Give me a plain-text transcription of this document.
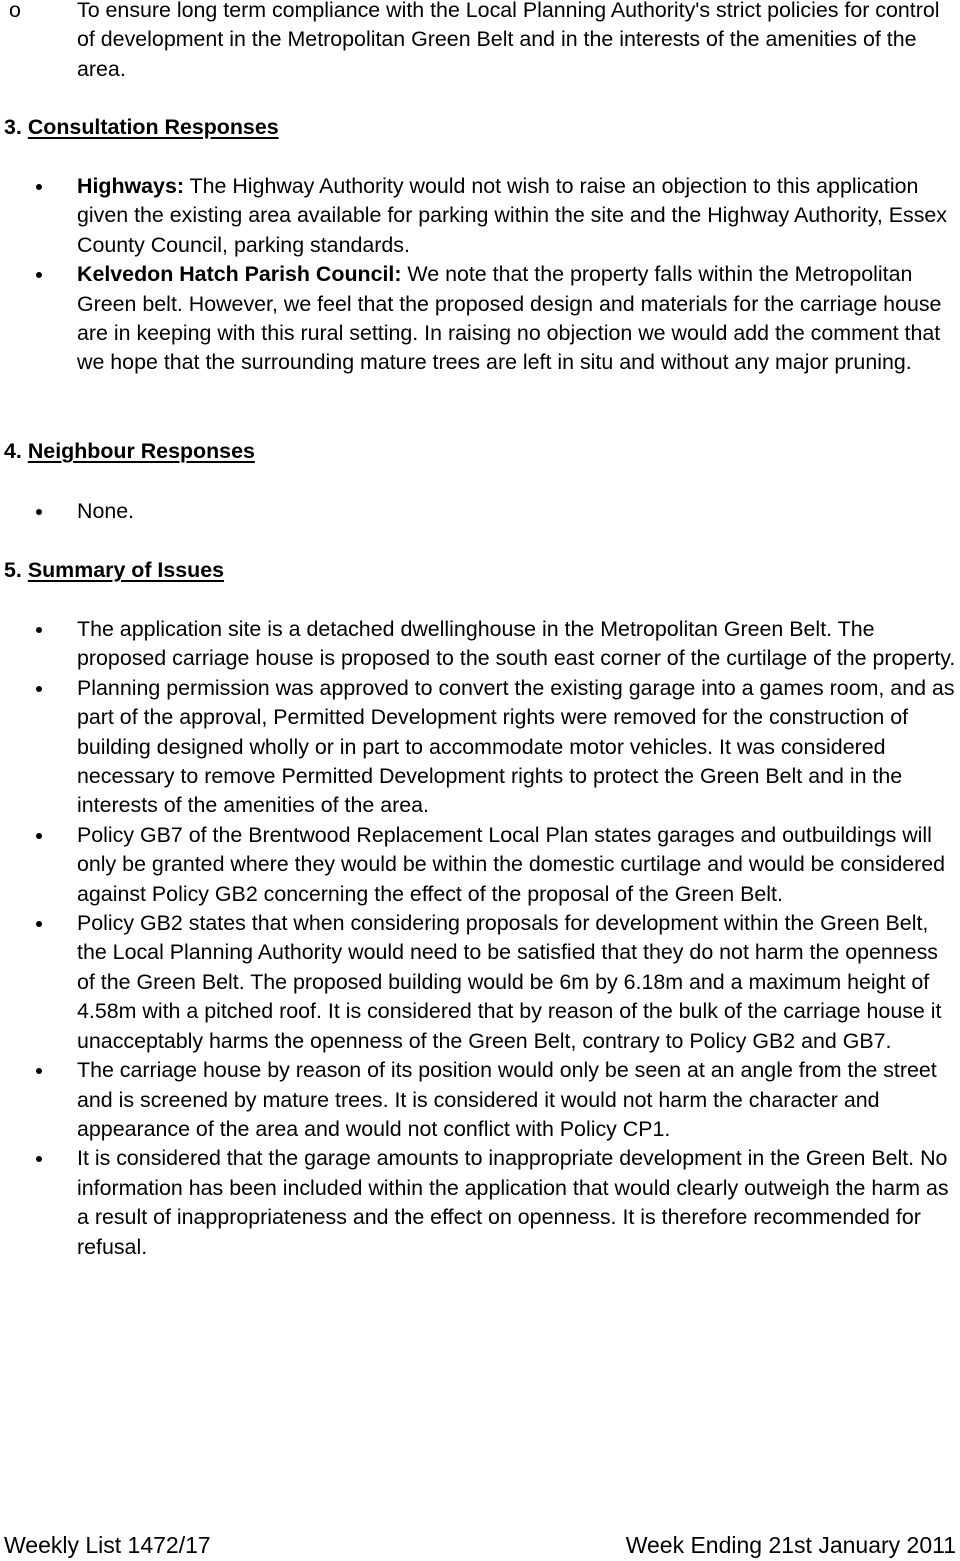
o	To ensure long term compliance with the Local Planning Authority's strict policies for control of development in the Metropolitan Green Belt and in the interests of the amenities of the area.
3. Consultation Responses
Highways: The Highway Authority would not wish to raise an objection to this application given the existing area available for parking within the site and the Highway Authority, Essex County Council, parking standards.
Kelvedon Hatch Parish Council: We note that the property falls within the Metropolitan Green belt. However, we feel that the proposed design and materials for the carriage house are in keeping with this rural setting. In raising no objection we would add the comment that we hope that the surrounding mature trees are left in situ and without any major pruning.
4. Neighbour Responses
None.
5. Summary of Issues
The application site is a detached dwellinghouse in the Metropolitan Green Belt. The proposed carriage house is proposed to the south east corner of the curtilage of the property.
Planning permission was approved to convert the existing garage into a games room, and as part of the approval, Permitted Development rights were removed for the construction of building designed wholly or in part to accommodate motor vehicles. It was considered necessary to remove Permitted Development rights to protect the Green Belt and in the interests of the amenities of the area.
Policy GB7 of the Brentwood Replacement Local Plan states garages and outbuildings will only be granted where they would be within the domestic curtilage and would be considered against Policy GB2 concerning the effect of the proposal of the Green Belt.
Policy GB2 states that when considering proposals for development within the Green Belt, the Local Planning Authority would need to be satisfied that they do not harm the openness of the Green Belt. The proposed building would be 6m by 6.18m and a maximum height of 4.58m with a pitched roof. It is considered that by reason of the bulk of the carriage house it unacceptably harms the openness of the Green Belt, contrary to Policy GB2 and GB7.
The carriage house by reason of its position would only be seen at an angle from the street and is screened by mature trees. It is considered it would not harm the character and appearance of the area and would not conflict with Policy CP1.
It is considered that the garage amounts to inappropriate development in the Green Belt. No information has been included within the application that would clearly outweigh the harm as a result of inappropriateness and the effect on openness. It is therefore recommended for refusal.
Weekly List 1472/17	Week Ending 21st January 2011
